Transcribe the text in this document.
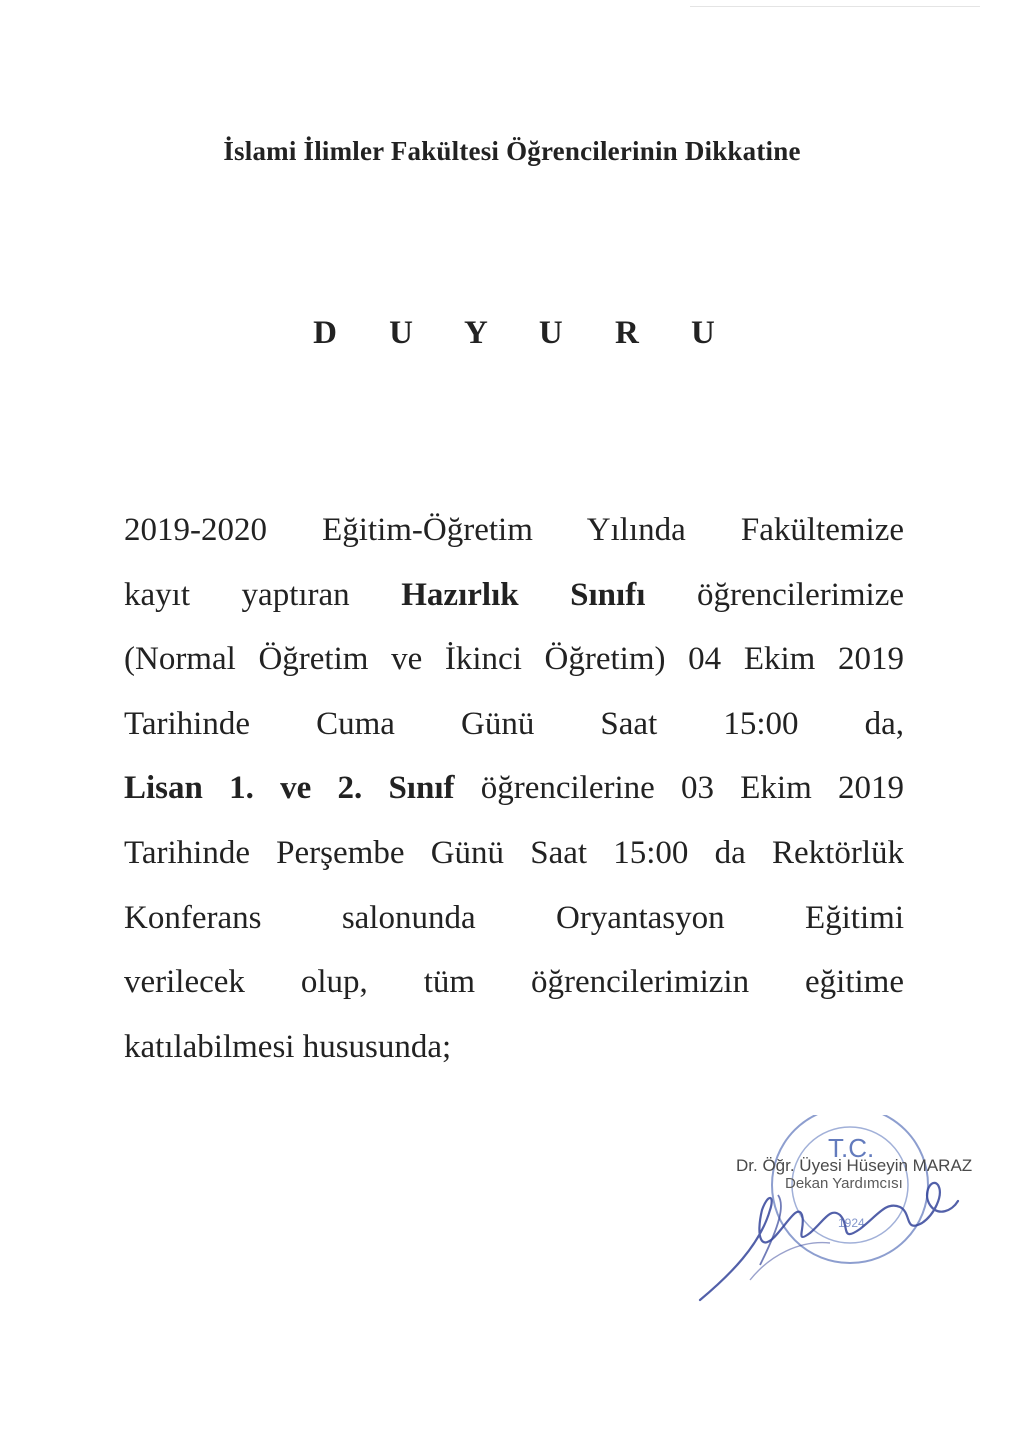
İslami İlimler Fakültesi Öğrencilerinin Dikkatine
D U Y U R U
2019-2020 Eğitim-Öğretim Yılında Fakültemize
kayıt yaptıran Hazırlık Sınıfı öğrencilerimize
(Normal Öğretim ve İkinci Öğretim) 04 Ekim 2019
Tarihinde Cuma Günü Saat 15:00 da,
Lisan 1. ve 2. Sınıf öğrencilerine 03 Ekim 2019
Tarihinde Perşembe Günü Saat 15:00 da Rektörlük
Konferans salonunda Oryantasyon Eğitimi
verilecek olup, tüm öğrencilerimizin eğitime
katılabilmesi hususunda;
T.C.
1924
Dr. Öğr. Üyesi Hüseyin MARAZ
Dekan Yardımcısı
